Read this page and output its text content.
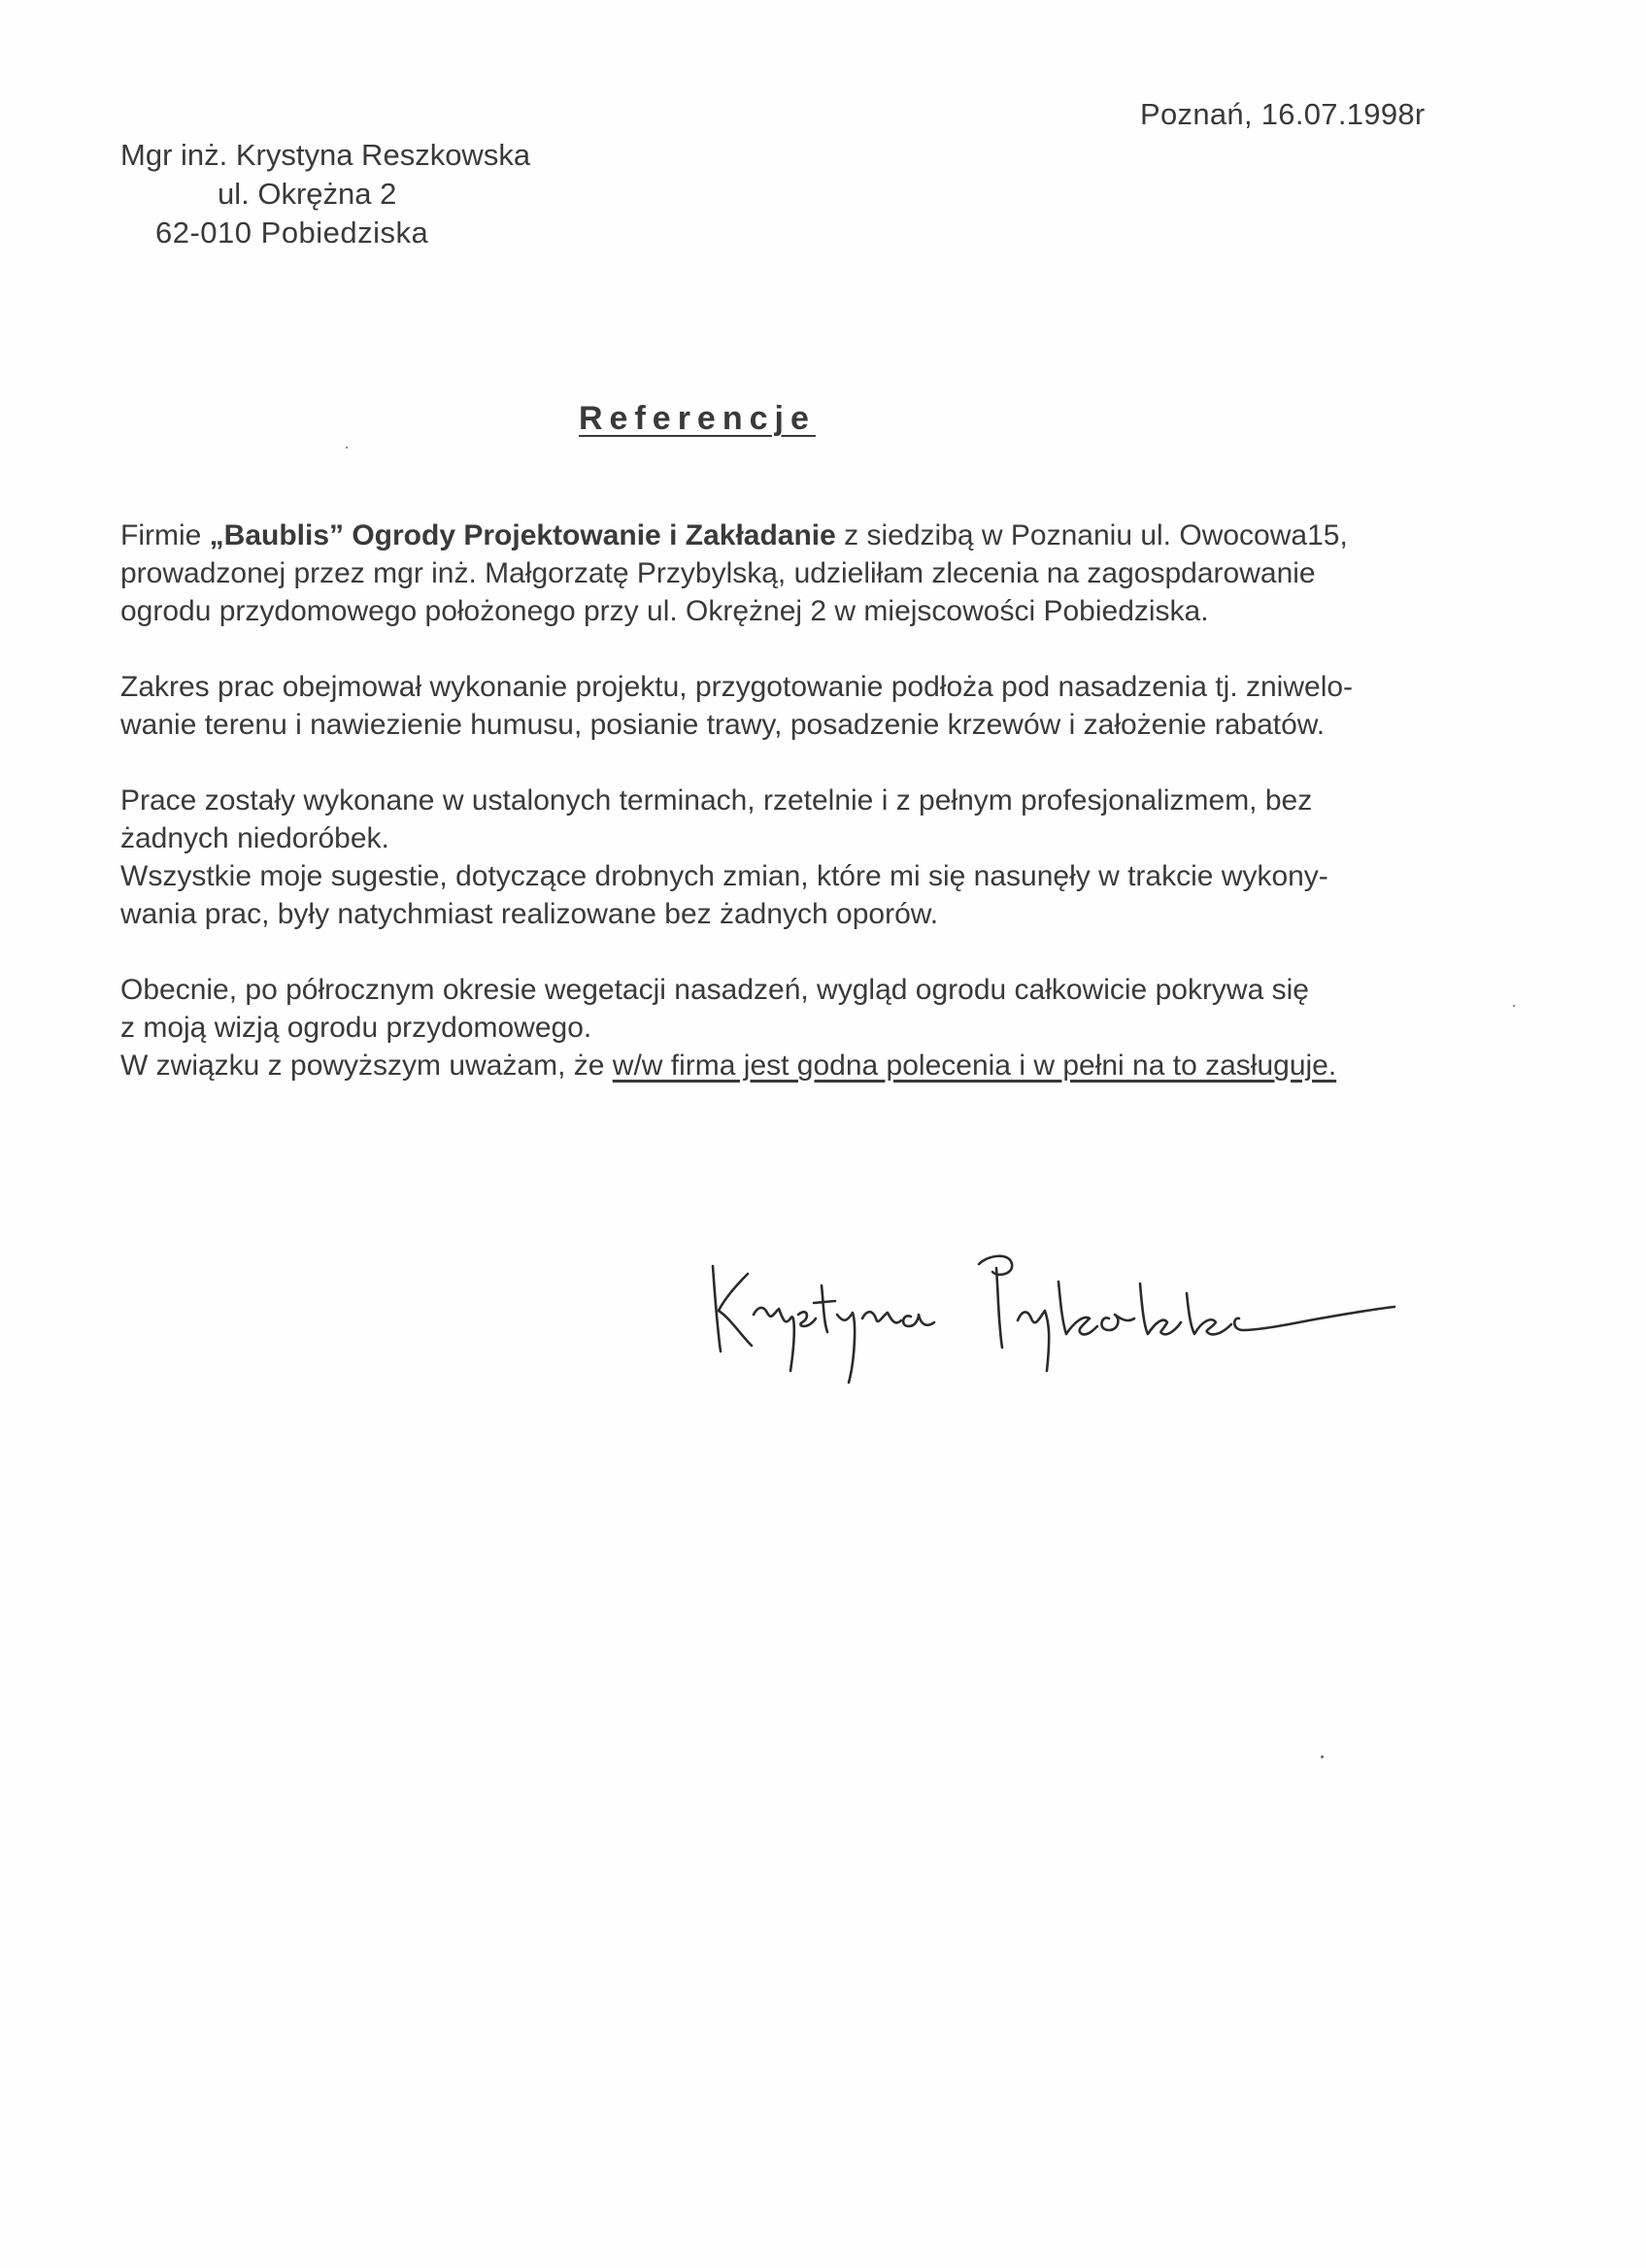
Poznań, 16.07.1998r
Mgr inż. Krystyna Reszkowska
ul. Okrężna 2
62-010 Pobiedziska
Referencje
Firmie „Baublis” Ogrody Projektowanie i Zakładanie z siedzibą w Poznaniu ul. Owocowa15,
prowadzonej przez mgr inż. Małgorzatę Przybylską, udzieliłam zlecenia na zagospdarowanie
ogrodu przydomowego położonego przy ul. Okrężnej 2 w miejscowości Pobiedziska.
Zakres prac obejmował wykonanie projektu, przygotowanie podłoża pod nasadzenia tj. zniwelo-
wanie terenu i nawiezienie humusu, posianie trawy, posadzenie krzewów i założenie rabatów.
Prace zostały wykonane w ustalonych terminach, rzetelnie i z pełnym profesjonalizmem, bez
żadnych niedoróbek.
Wszystkie moje sugestie, dotyczące drobnych zmian, które mi się nasunęły w trakcie wykony-
wania prac, były natychmiast realizowane bez żadnych oporów.
Obecnie, po półrocznym okresie wegetacji nasadzeń, wygląd ogrodu całkowicie pokrywa się
z moją wizją ogrodu przydomowego.
W związku z powyższym uważam, że w/w firma jest godna polecenia i w pełni na to zasługuje.
